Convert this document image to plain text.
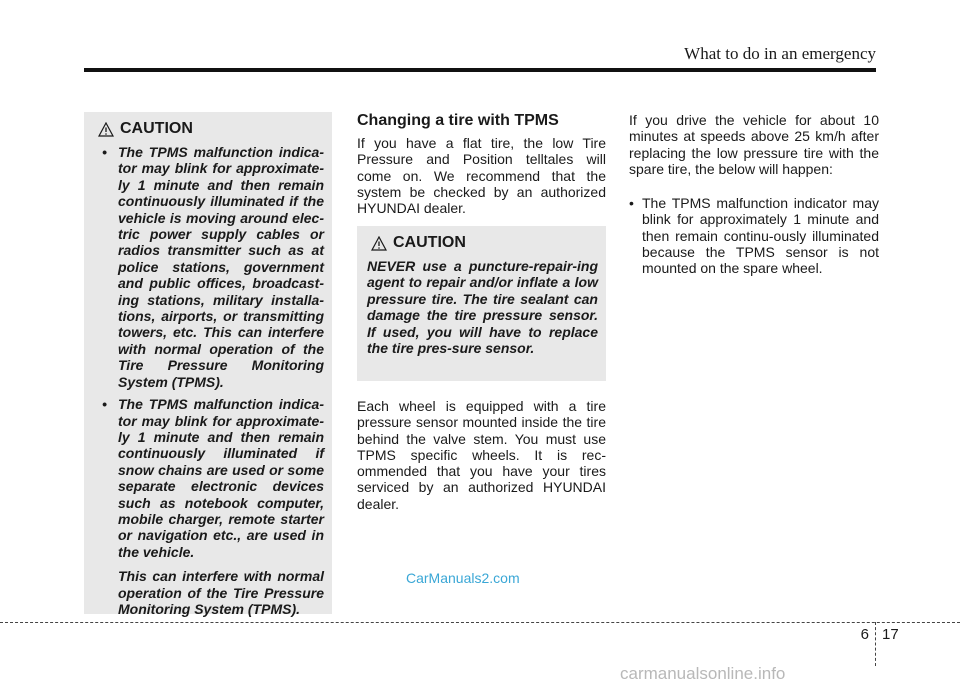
What to do in an emergency
CAUTION
• The TPMS malfunction indica-tor may blink for approximate-ly 1 minute and then remain continuously illuminated if the vehicle is moving around elec-tric power supply cables or radios transmitter such as at police stations, government and public offices, broadcast-ing stations, military installa-tions, airports, or transmitting towers, etc. This can interfere with normal operation of the Tire Pressure Monitoring System (TPMS).
• The TPMS malfunction indica-tor may blink for approximate-ly 1 minute and then remain continuously illuminated if snow chains are used or some separate electronic devices such as notebook computer, mobile charger, remote starter or navigation etc., are used in the vehicle.

This can interfere with normal operation of the Tire Pressure Monitoring System (TPMS).

Changing a tire with TPMS
If you have a flat tire, the low Tire Pressure and Position telltales will come on. We recommend that the system be checked by an authorized HYUNDAI dealer.
CAUTION
NEVER use a puncture-repair-ing agent to repair and/or inflate a low pressure tire. The tire sealant can damage the tire pressure sensor. If used, you will have to replace the tire pres-sure sensor.
Each wheel is equipped with a tire pressure sensor mounted inside the tire behind the valve stem. You must use TPMS specific wheels. It is rec-ommended that you have your tires serviced by an authorized HYUNDAI dealer.
If you drive the vehicle for about 10 minutes at speeds above 25 km/h after replacing the low pressure tire with the spare tire, the below will happen:
• The TPMS malfunction indicator may blink for approximately 1 minute and then remain continu-ously illuminated because the TPMS sensor is not mounted on the spare wheel.
CarManuals2.com
6 17
carmanualsonline.info
